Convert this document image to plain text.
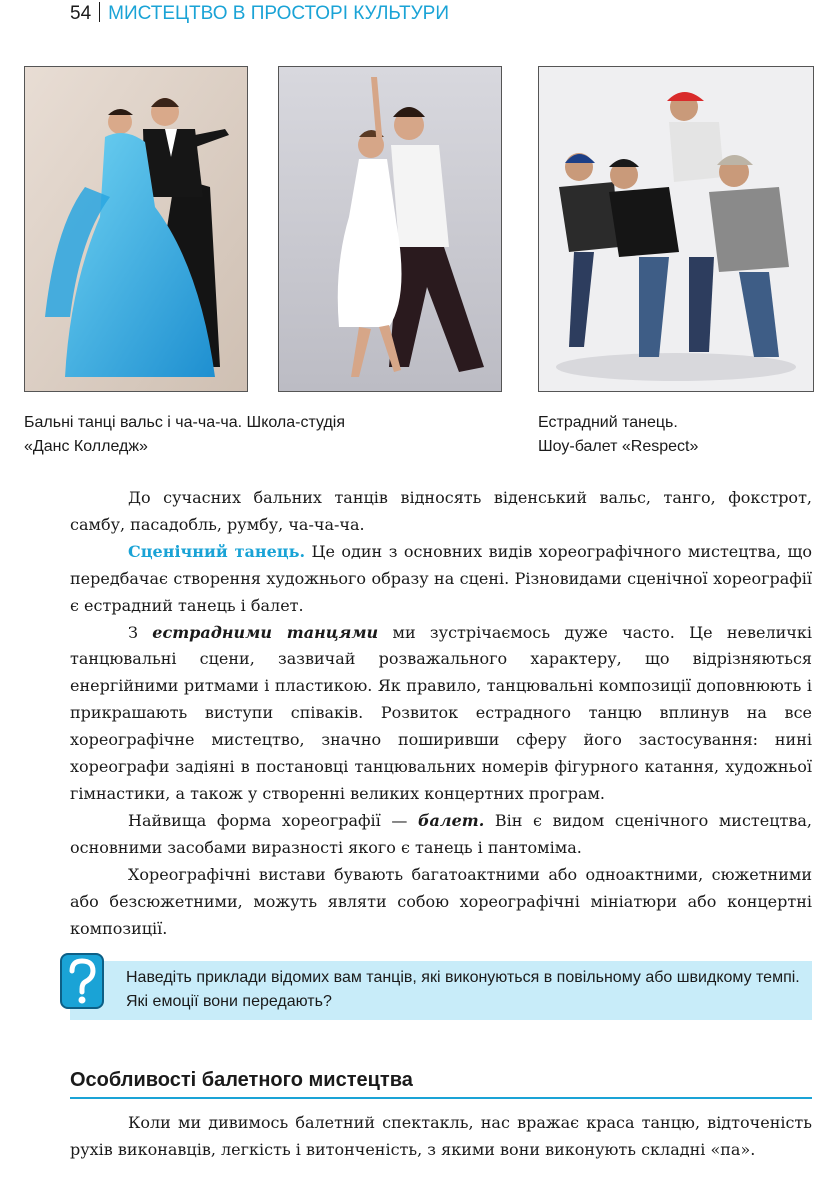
54 МИСТЕЦТВО В ПРОСТОРІ КУЛЬТУРИ
Бальні танці вальс і ча-ча-ча. Школа-студія
«Данс Колледж»
Естрадний танець.
Шоу-балет «Respect»

До сучасних бальних танців відносять віденський вальс, танго, фокстрот, самбу, пасадобль, румбу, ча-ча-ча.

Сценічний танець. Це один з основних видів хореографічного мистецтва, що передбачає створення художнього образу на сцені. Різновидами сценічної хореографії є естрадний танець і балет.

З естрадними танцями ми зустрічаємось дуже часто. Це невеличкі танцювальні сцени, зазвичай розважального характеру, що відрізняються енергійними ритмами і пластикою. Як правило, танцювальні композиції доповнюють і прикрашають виступи співаків. Розвиток естрадного танцю вплинув на все хореографічне мистецтво, значно поширивши сферу його застосування: нині хореографи задіяні в постановці танцювальних номерів фігурного катання, художньої гімнастики, а також у створенні великих концертних програм.

Найвища форма хореографії — балет. Він є видом сценічного мистецтва, основними засобами виразності якого є танець і пантоміма.

Хореографічні вистави бувають багатоактними або одноактними, сюжетними або безсюжетними, можуть являти собою хореографічні мініатюри або концертні композиції.

Наведіть приклади відомих вам танців, які виконуються в повільному або швидкому темпі. Які емоції вони передають?
Особливості балетного мистецтва

Коли ми дивимось балетний спектакль, нас вражає краса танцю, відточеність рухів виконавців, легкість і витонченість, з якими вони виконують складні «па».
